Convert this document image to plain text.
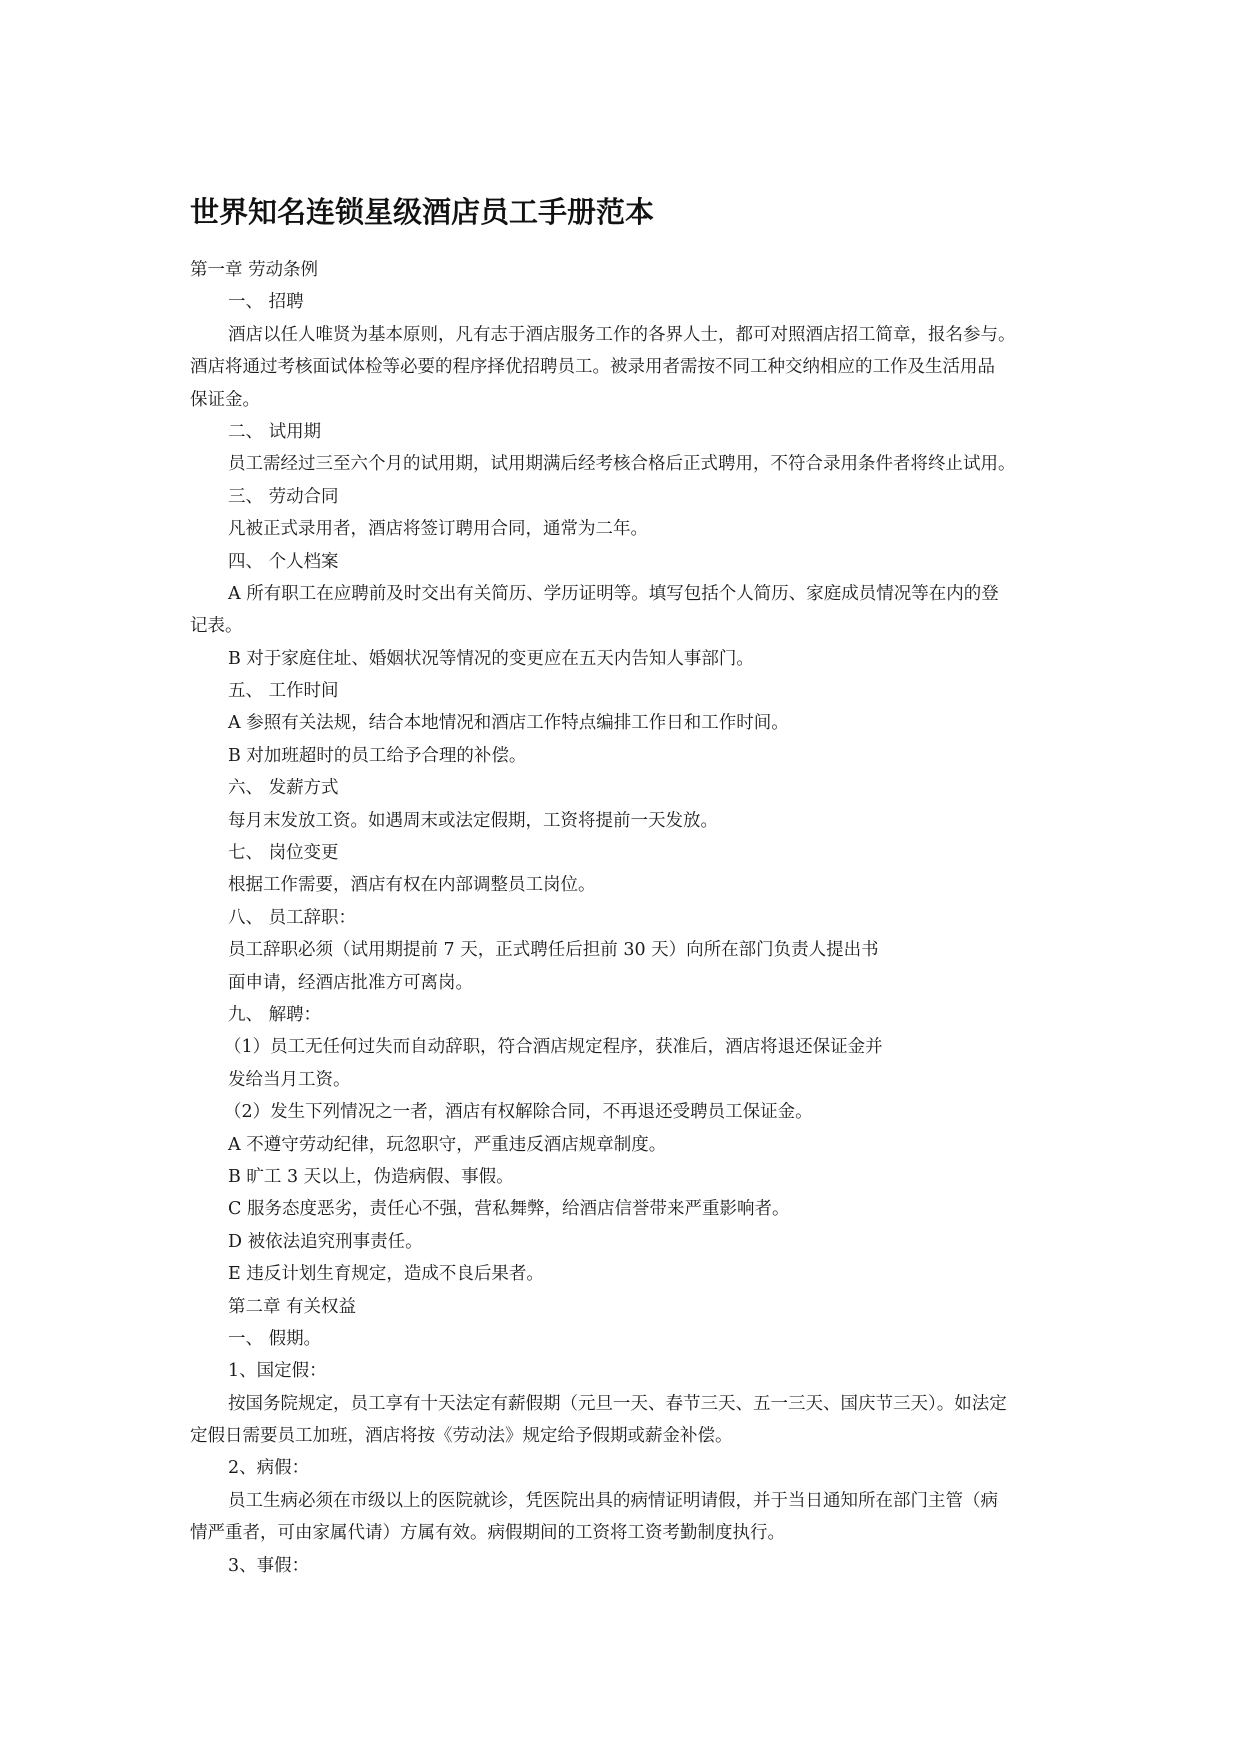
世界知名连锁星级酒店员工手册范本
第一章 劳动条例
一、 招聘
酒店以任人唯贤为基本原则，凡有志于酒店服务工作的各界人士，都可对照酒店招工简章，报名参与。
酒店将通过考核面试体检等必要的程序择优招聘员工。被录用者需按不同工种交纳相应的工作及生活用品
保证金。
二、 试用期
员工需经过三至六个月的试用期，试用期满后经考核合格后正式聘用，不符合录用条件者将终止试用。
三、 劳动合同
凡被正式录用者，酒店将签订聘用合同，通常为二年。
四、 个人档案
A 所有职工在应聘前及时交出有关简历、学历证明等。填写包括个人简历、家庭成员情况等在内的登
记表。
B 对于家庭住址、婚姻状况等情况的变更应在五天内告知人事部门。
五、 工作时间
A 参照有关法规，结合本地情况和酒店工作特点编排工作日和工作时间。
B 对加班超时的员工给予合理的补偿。
六、 发薪方式
每月末发放工资。如遇周末或法定假期，工资将提前一天发放。
七、 岗位变更
根据工作需要，酒店有权在内部调整员工岗位。
八、 员工辞职：
员工辞职必须（试用期提前 7 天，正式聘任后担前 30 天）向所在部门负责人提出书
面申请，经酒店批准方可离岗。
九、 解聘：
（1）员工无任何过失而自动辞职，符合酒店规定程序，获准后，酒店将退还保证金并
发给当月工资。
（2）发生下列情况之一者，酒店有权解除合同，不再退还受聘员工保证金。
A 不遵守劳动纪律，玩忽职守，严重违反酒店规章制度。
B 旷工 3 天以上，伪造病假、事假。
C 服务态度恶劣，责任心不强，营私舞弊，给酒店信誉带来严重影响者。
D 被依法追究刑事责任。
E 违反计划生育规定，造成不良后果者。
第二章 有关权益
一、 假期。
1、国定假：
按国务院规定，员工享有十天法定有薪假期（元旦一天、春节三天、五一三天、国庆节三天）。如法定
定假日需要员工加班，酒店将按《劳动法》规定给予假期或薪金补偿。
2、病假：
员工生病必须在市级以上的医院就诊，凭医院出具的病情证明请假，并于当日通知所在部门主管（病
情严重者，可由家属代请）方属有效。病假期间的工资将工资考勤制度执行。
3、事假：
